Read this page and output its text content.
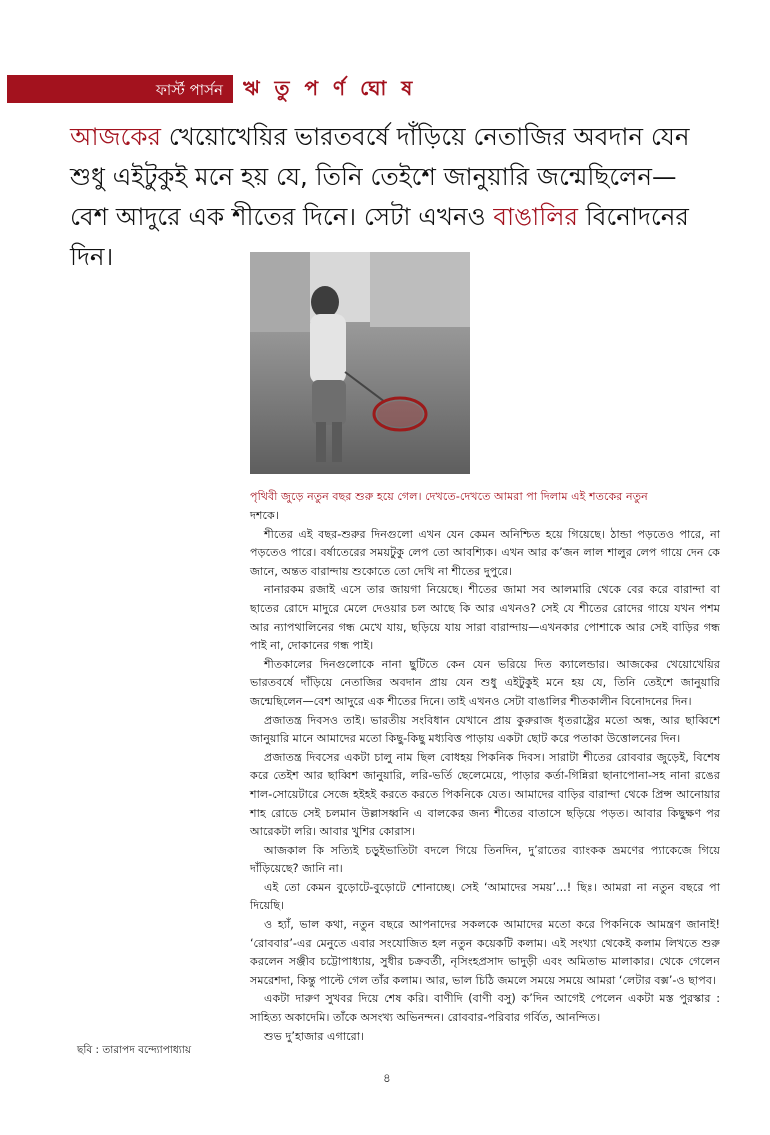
ফার্স্ট পার্সন ঋ তু প র্ণ ঘো ষ
আজকের খেয়োখেয়ির ভারতবর্ষে দাঁড়িয়ে নেতাজির অবদান যেন শুধু এইটুকুই মনে হয় যে, তিনি তেইশে জানুয়ারি জন্মেছিলেন—বেশ আদুরে এক শীতের দিনে। সেটা এখনও বাঙালির বিনোদনের দিন।
পৃথিবী জুড়ে নতুন বছর শুরু হয়ে গেল। দেখতে-দেখতে আমরা পা দিলাম এই শতকের নতুন

দশকে।

শীতের এই বছর-শুরুর দিনগুলো এখন যেন কেমন অনিশ্চিত হয়ে গিয়েছে। ঠান্ডা পড়তেও পারে, না পড়তেও পারে। বর্ষাতেরের সময়টুকু লেপ তো আবশ্যিক। এখন আর ক’জন লাল শালুর লেপ গায়ে দেন কে জানে, অন্তত বারান্দায় শুকোতে তো দেখি না শীতের দুপুরে।

নানারকম রজাই এসে তার জায়গা নিয়েছে। শীতের জামা সব আলমারি থেকে বের করে বারান্দা বা ছাতের রোদে মাদুরে মেলে দেওয়ার চল আছে কি আর এখনও? সেই যে শীতের রোদের গায়ে যখন পশম আর ন্যাপথালিনের গন্ধ মেখে যায়, ছড়িয়ে যায় সারা বারান্দায়—এখনকার পোশাকে আর সেই বাড়ির গন্ধ পাই না, দোকানের গন্ধ পাই।

শীতকালের দিনগুলোকে নানা ছুটিতে কেন যেন ভরিয়ে দিত ক্যালেন্ডার। আজকের খেয়োখেয়ির ভারতবর্ষে দাঁড়িয়ে নেতাজির অবদান প্রায় যেন শুধু এইটুকুই মনে হয় যে, তিনি তেইশে জানুয়ারি জন্মেছিলেন—বেশ আদুরে এক শীতের দিনে। তাই এখনও সেটা বাঙালির শীতকালীন বিনোদনের দিন।

প্রজাতন্ত্র দিবসও তাই। ভারতীয় সংবিধান যেখানে প্রায় কুরুরাজ ধৃতরাষ্ট্রের মতো অন্ধ, আর ছাব্বিশে জানুয়ারি মানে আমাদের মতো কিছু-কিছু মধ্যবিত্ত পাড়ায় একটা ছোট করে পতাকা উত্তোলনের দিন।

প্রজাতন্ত্র দিবসের একটা চালু নাম ছিল বোধহয় পিকনিক দিবস। সারাটা শীতের রোববার জুড়েই, বিশেষ করে তেইশ আর ছাব্বিশ জানুয়ারি, লরি-ভর্তি ছেলেমেয়ে, পাড়ার কর্তা-গিন্নিরা ছানাপোনা-সহ নানা রঙের শাল-সোয়েটারে সেজে হইহই করতে করতে পিকনিকে যেত। আমাদের বাড়ির বারান্দা থেকে প্রিন্স আনোয়ার শাহ রোডে সেই চলমান উল্লাসধ্বনি এ বালকের জন্য শীতের বাতাসে ছড়িয়ে পড়ত। আবার কিছুক্ষণ পর আরেকটা লরি। আবার খুশির কোরাস।

আজকাল কি সত্যিই চড়ুইভাতিটা বদলে গিয়ে তিনদিন, দু’রাতের ব্যাংকক ভ্রমণের প্যাকেজে গিয়ে দাঁড়িয়েছে? জানি না।

এই তো কেমন বুড়োটে-বুড়োটে শোনাচ্ছে। সেই ‘আমাদের সময়’...! ছিঃ। আমরা না নতুন বছরে পা দিয়েছি।

ও হ্যাঁ, ভাল কথা, নতুন বছরে আপনাদের সকলকে আমাদের মতো করে পিকনিকে আমন্ত্রণ জানাই! ‘রোববার’-এর মেনুতে এবার সংযোজিত হল নতুন কয়েকটি কলাম। এই সংখ্যা থেকেই কলাম লিখতে শুরু করলেন সঞ্জীব চট্টোপাধ্যায়, সুধীর চক্রবর্তী, নৃসিংহপ্রসাদ ভাদুড়ী এবং অমিতাভ মালাকার। থেকে গেলেন সমরেশদা, কিন্তু পাল্টে গেল তাঁর কলাম। আর, ভাল চিঠি জমলে সময়ে সময়ে আমরা ‘লেটার বক্স’-ও ছাপব।

একটা দারুণ সুখবর দিয়ে শেষ করি। বাণীদি (বাণী বসু) ক’দিন আগেই পেলেন একটা মস্ত পুরস্কার : সাহিত্য অকাদেমি। তাঁকে অসংখ্য অভিনন্দন। রোববার-পরিবার গর্বিত, আনন্দিত।

শুভ দু’হাজার এগারো।

ছবি : তারাপদ বন্দ্যোপাধ্যায়
৪
